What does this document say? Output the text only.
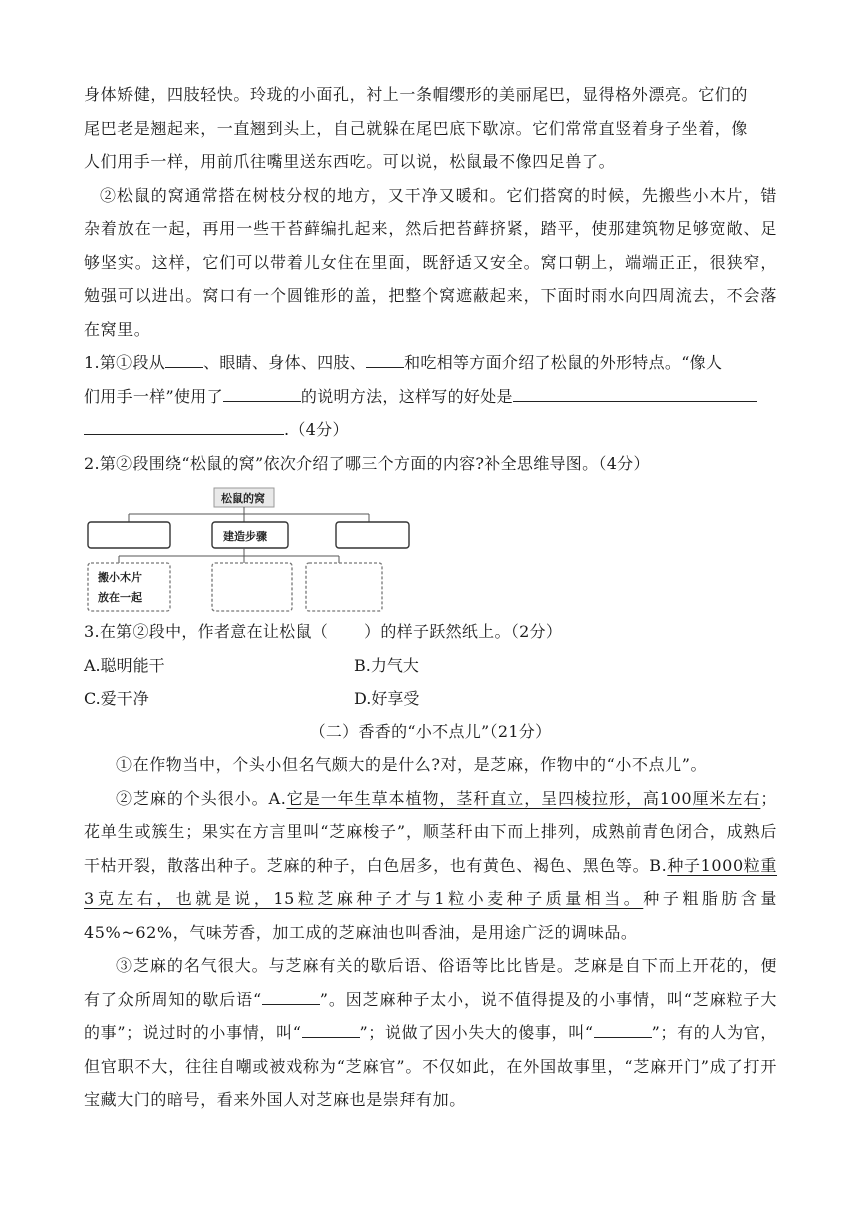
身体矫健，四肢轻快。玲珑的小面孔，衬上一条帽缨形的美丽尾巴，显得格外漂亮。它们的

尾巴老是翘起来，一直翘到头上，自己就躲在尾巴底下歇凉。它们常常直竖着身子坐着，像

人们用手一样，用前爪往嘴里送东西吃。可以说，松鼠最不像四足兽了。

②松鼠的窝通常搭在树枝分杈的地方，又干净又暖和。它们搭窝的时候，先搬些小木片，错杂着放在一起，再用一些干苔藓编扎起来，然后把苔藓挤紧，踏平，使那建筑物足够宽敞、足够坚实。这样，它们可以带着儿女住在里面，既舒适又安全。窝口朝上，端端正正，很狭窄，勉强可以进出。窝口有一个圆锥形的盖，把整个窝遮蔽起来，下面时雨水向四周流去，不会落在窝里。

1.第①段从 、眼睛、身体、四肢、 和吃相等方面介绍了松鼠的外形特点。“像人

们用手一样”使用了	的说明方法，这样写的好处是

.（4分）

2.第②段围绕“松鼠的窝”依次介绍了哪三个方面的内容?补全思维导图。（4分）

松鼠的窝
建造步骤
搬小木片
放在一起

3.在第②段中，作者意在让松鼠（ ）的样子跃然纸上。（2分）

A.聪明能干	B.力气大
C.爱干净	D.好享受

（二）香香的“小不点儿”（21分）

①在作物当中，个头小但名气颇大的是什么?对，是芝麻，作物中的“小不点儿”。

②芝麻的个头很小。A.它是一年生草本植物，茎秆直立，呈四棱拉形，高100厘米左右；花单生或簇生；果实在方言里叫“芝麻梭子”，顺茎秆由下而上排列，成熟前青色闭合，成熟后干枯开裂，散落出种子。芝麻的种子，白色居多，也有黄色、褐色、黑色等。B.种子1000粒重3克左右，也就是说，15粒芝麻种子才与1粒小麦种子质量相当。种子粗脂肪含量45%~62%，气味芳香，加工成的芝麻油也叫香油，是用途广泛的调味品。

③芝麻的名气很大。与芝麻有关的歇后语、俗语等比比皆是。芝麻是自下而上开花的，便有了众所周知的歇后语“	”。因芝麻种子太小，说不值得提及的小事情，叫“芝麻粒子大的事”；说过时的小事情，叫“	”；说做了因小失大的傻事，叫“	”；有的人为官，但官职不大，往往自嘲或被戏称为“芝麻官”。不仅如此，在外国故事里，“芝麻开门”成了打开宝藏大门的暗号，看来外国人对芝麻也是崇拜有加。
